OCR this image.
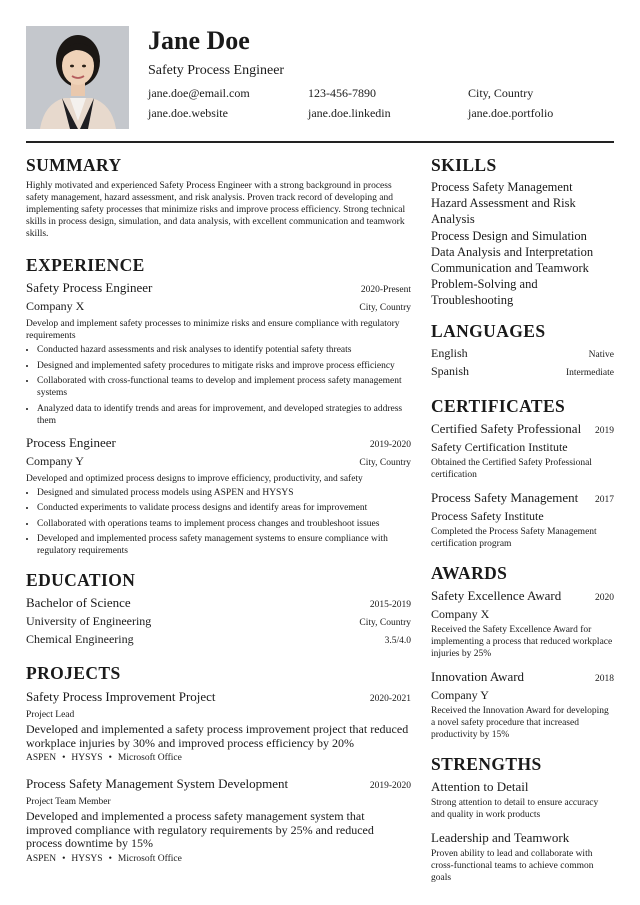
Jane Doe
Safety Process Engineer
jane.doe@email.com	123-456-7890	City, Country
jane.doe.website	jane.doe.linkedin	jane.doe.portfolio
SUMMARY
Highly motivated and experienced Safety Process Engineer with a strong background in process safety management, hazard assessment, and risk analysis. Proven track record of developing and implementing safety processes that minimize risks and improve process efficiency. Strong technical skills in process design, simulation, and data analysis, with excellent communication and teamwork skills.
EXPERIENCE
Safety Process Engineer	2020-Present
Company X	City, Country
Develop and implement safety processes to minimize risks and ensure compliance with regulatory requirements
• Conducted hazard assessments and risk analyses to identify potential safety threats
• Designed and implemented safety procedures to mitigate risks and improve process efficiency
• Collaborated with cross-functional teams to develop and implement process safety management systems
• Analyzed data to identify trends and areas for improvement, and developed strategies to address them
Process Engineer	2019-2020
Company Y	City, Country
Developed and optimized process designs to improve efficiency, productivity, and safety
• Designed and simulated process models using ASPEN and HYSYS
• Conducted experiments to validate process designs and identify areas for improvement
• Collaborated with operations teams to implement process changes and troubleshoot issues
• Developed and implemented process safety management systems to ensure compliance with regulatory requirements
EDUCATION
Bachelor of Science	2015-2019
University of Engineering	City, Country
Chemical Engineering	3.5/4.0
PROJECTS
Safety Process Improvement Project	2020-2021
Project Lead
Developed and implemented a safety process improvement project that reduced workplace injuries by 30% and improved process efficiency by 20%
ASPEN • HYSYS • Microsoft Office
Process Safety Management System Development	2019-2020
Project Team Member
Developed and implemented a process safety management system that improved compliance with regulatory requirements by 25% and reduced process downtime by 15%
ASPEN • HYSYS • Microsoft Office
SKILLS
Process Safety Management
Hazard Assessment and Risk Analysis
Process Design and Simulation
Data Analysis and Interpretation
Communication and Teamwork
Problem-Solving and Troubleshooting
LANGUAGES
English	Native
Spanish	Intermediate
CERTIFICATES
Certified Safety Professional 2019
Safety Certification Institute
Obtained the Certified Safety Professional certification
Process Safety Management 2017
Process Safety Institute
Completed the Process Safety Management certification program
AWARDS
Safety Excellence Award	2020
Company X
Received the Safety Excellence Award for implementing a process that reduced workplace injuries by 25%
Innovation Award	2018
Company Y
Received the Innovation Award for developing a novel safety procedure that increased productivity by 15%
STRENGTHS
Attention to Detail
Strong attention to detail to ensure accuracy and quality in work products
Leadership and Teamwork
Proven ability to lead and collaborate with cross-functional teams to achieve common goals
